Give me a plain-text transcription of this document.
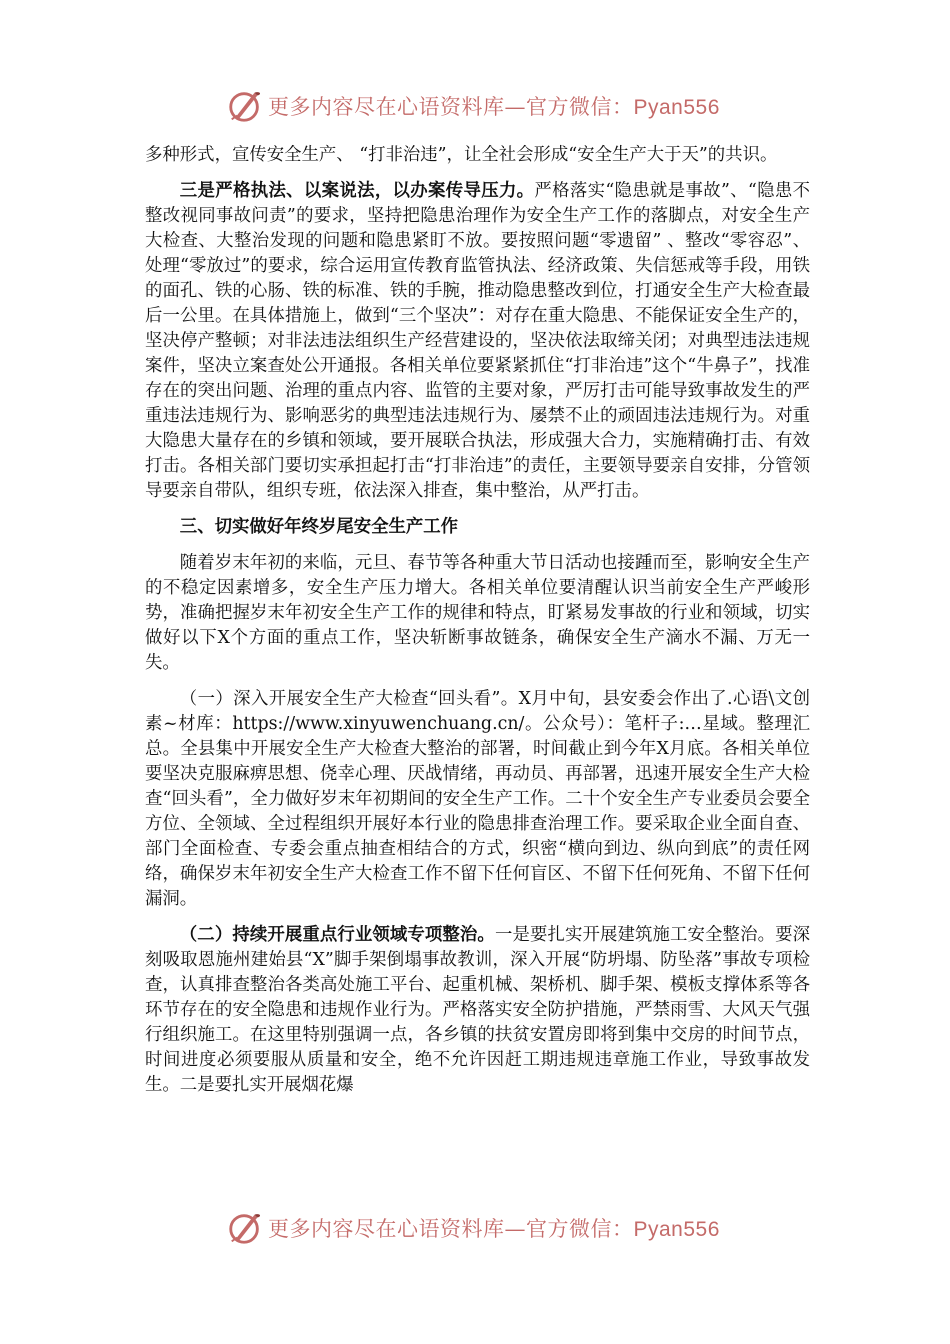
更多内容尽在心语资料库—官方微信：Pyan556

多种形式，宣传安全生产、 “打非治违”，让全社会形成“安全生产大于天”的共识。

三是严格执法、以案说法，以办案传导压力。严格落实“隐患就是事故”、“隐患不整改视同事故问责”的要求，坚持把隐患治理作为安全生产工作的落脚点，对安全生产大检查、大整治发现的问题和隐患紧盯不放。要按照问题“零遗留” 、整改“零容忍”、 处理“零放过”的要求，综合运用宣传教育监管执法、经济政策、失信惩戒等手段，用铁的面孔、铁的心肠、铁的标准、铁的手腕，推动隐患整改到位，打通安全生产大检查最后一公里。在具体措施上，做到“三个坚决”：对存在重大隐患、不能保证安全生产的，坚决停产整顿；对非法违法组织生产经营建设的，坚决依法取缔关闭；对典型违法违规案件，坚决立案查处公开通报。各相关单位要紧紧抓住“打非治违”这个“牛鼻子”，找准存在的突出问题、治理的重点内容、监管的主要对象，严厉打击可能导致事故发生的严重违法违规行为、影响恶劣的典型违法违规行为、屡禁不止的顽固违法违规行为。对重大隐患大量存在的乡镇和领域，要开展联合执法，形成强大合力，实施精确打击、有效打击。各相关部门要切实承担起打击“打非治违”的责任，主要领导要亲自安排，分管领导要亲自带队，组织专班，依法深入排查，集中整治，从严打击。

三、切实做好年终岁尾安全生产工作

随着岁末年初的来临，元旦、春节等各种重大节日活动也接踵而至，影响安全生产的不稳定因素增多，安全生产压力增大。各相关单位要清醒认识当前安全生产严峻形势，准确把握岁末年初安全生产工作的规律和特点，盯紧易发事故的行业和领域，切实做好以下X个方面的重点工作，坚决斩断事故链条，确保安全生产滴水不漏、万无一失。

（一）深入开展安全生产大检查“回头看”。X月中旬，县安委会作出了.心语\文创素~材库：https://www.xinyuwenchuang.cn/。公众号）：笔杆子:…星域。整理汇总。全县集中开展安全生产大检查大整治的部署，时间截止到今年X月底。各相关单位要坚决克服麻痹思想、侥幸心理、厌战情绪，再动员、再部署，迅速开展安全生产大检查“回头看”，全力做好岁末年初期间的安全生产工作。二十个安全生产专业委员会要全方位、全领域、全过程组织开展好本行业的隐患排查治理工作。要采取企业全面自查、部门全面检查、专委会重点抽查相结合的方式，织密“横向到边、纵向到底”的责任网络，确保岁末年初安全生产大检查工作不留下任何盲区、不留下任何死角、不留下任何漏洞。

（二）持续开展重点行业领域专项整治。一是要扎实开展建筑施工安全整治。要深刻吸取恩施州建始县“X”脚手架倒塌事故教训，深入开展“防坍塌、防坠落”事故专项检查，认真排查整治各类高处施工平台、起重机械、架桥机、脚手架、模板支撑体系等各环节存在的安全隐患和违规作业行为。严格落实安全防护措施，严禁雨雪、大风天气强行组织施工。在这里特别强调一点，各乡镇的扶贫安置房即将到集中交房的时间节点，时间进度必须要服从质量和安全，绝不允许因赶工期违规违章施工作业，导致事故发生。二是要扎实开展烟花爆

更多内容尽在心语资料库—官方微信：Pyan556
